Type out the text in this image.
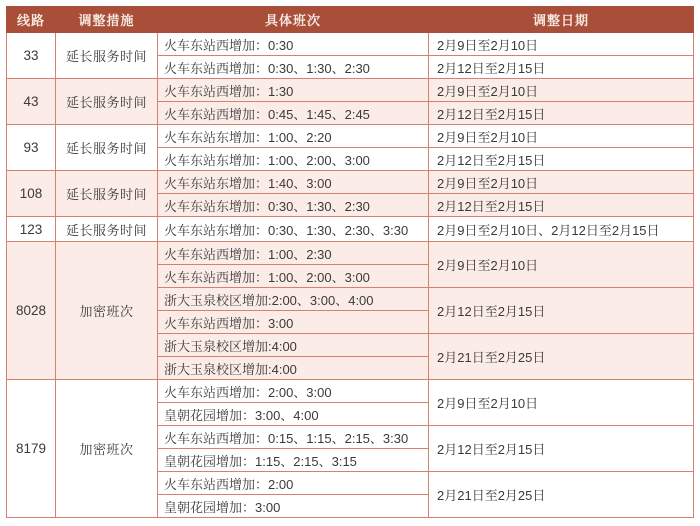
线路	调整措施	具体班次	调整日期
33	延长服务时间	火车东站西增加：0:30	2月9日至2月10日
		火车东站西增加：0:30、1:30、2:30	2月12日至2月15日
43	延长服务时间	火车东站西增加：1:30	2月9日至2月10日
		火车东站西增加：0:45、1:45、2:45	2月12日至2月15日
93	延长服务时间	火车东站东增加：1:00、2:20	2月9日至2月10日
		火车东站东增加：1:00、2:00、3:00	2月12日至2月15日
108	延长服务时间	火车东站东增加：1:40、3:00	2月9日至2月10日
		火车东站东增加：0:30、1:30、2:30	2月12日至2月15日
123	延长服务时间	火车东站东增加：0:30、1:30、2:30、3:30	2月9日至2月10日、2月12日至2月15日
8028	加密班次	火车东站西增加：1:00、2:30	2月9日至2月10日
		火车东站西增加：1:00、2:00、3:00	
		浙大玉泉校区增加:2:00、3:00、4:00	2月12日至2月15日
		火车东站西增加：3:00	
		浙大玉泉校区增加:4:00	2月21日至2月25日
		浙大玉泉校区增加:4:00	
8179	加密班次	火车东站西增加：2:00、3:00	2月9日至2月10日
		皇朝花园增加：3:00、4:00	
		火车东站西增加：0:15、1:15、2:15、3:30	2月12日至2月15日
		皇朝花园增加：1:15、2:15、3:15	
		火车东站西增加：2:00	2月21日至2月25日
		皇朝花园增加：3:00	
